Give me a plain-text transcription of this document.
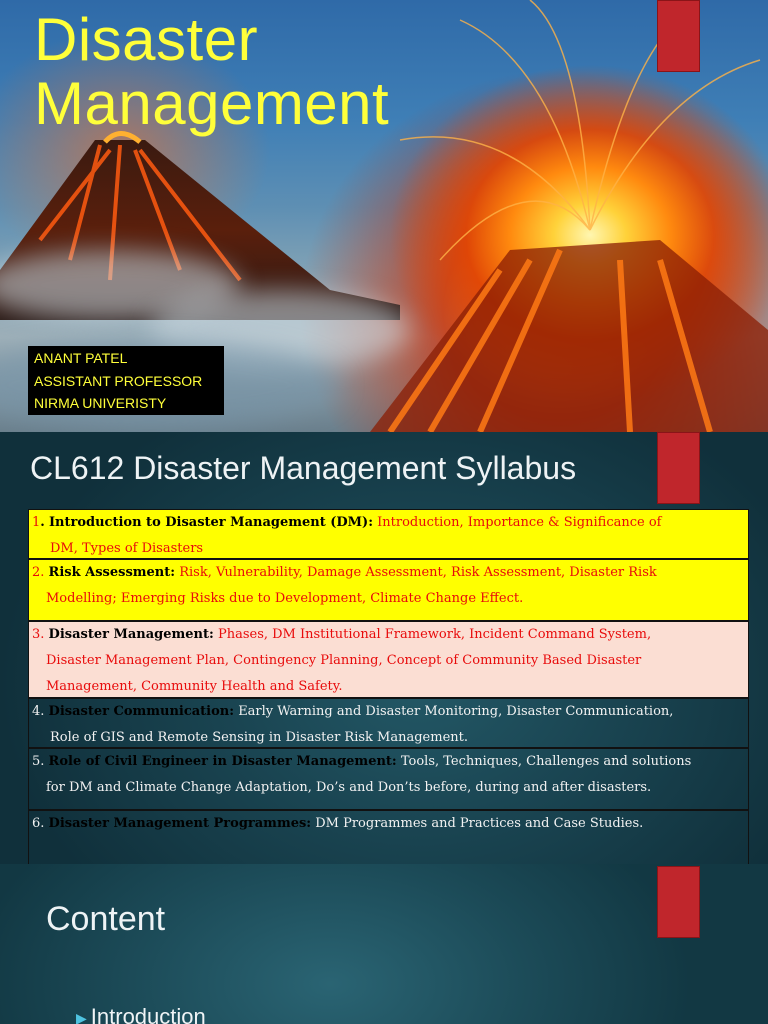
Disaster
Management
ANANT PATEL
ASSISTANT PROFESSOR
NIRMA UNIVERISTY
CL612 Disaster Management Syllabus
1. Introduction to Disaster Management (DM): Introduction, Importance & Significance of
DM, Types of Disasters
2. Risk Assessment: Risk, Vulnerability, Damage Assessment, Risk Assessment, Disaster Risk
Modelling; Emerging Risks due to Development, Climate Change Effect.
3. Disaster Management: Phases, DM Institutional Framework, Incident Command System,
Disaster Management Plan, Contingency Planning, Concept of Community Based Disaster
Management, Community Health and Safety.
4. Disaster Communication: Early Warning and Disaster Monitoring, Disaster Communication,
Role of GIS and Remote Sensing in Disaster Risk Management.
5. Role of Civil Engineer in Disaster Management: Tools, Techniques, Challenges and solutions
for DM and Climate Change Adaptation, Do’s and Don’ts before, during and after disasters.
6. Disaster Management Programmes: DM Programmes and Practices and Case Studies.
Content
▶ Introduction
